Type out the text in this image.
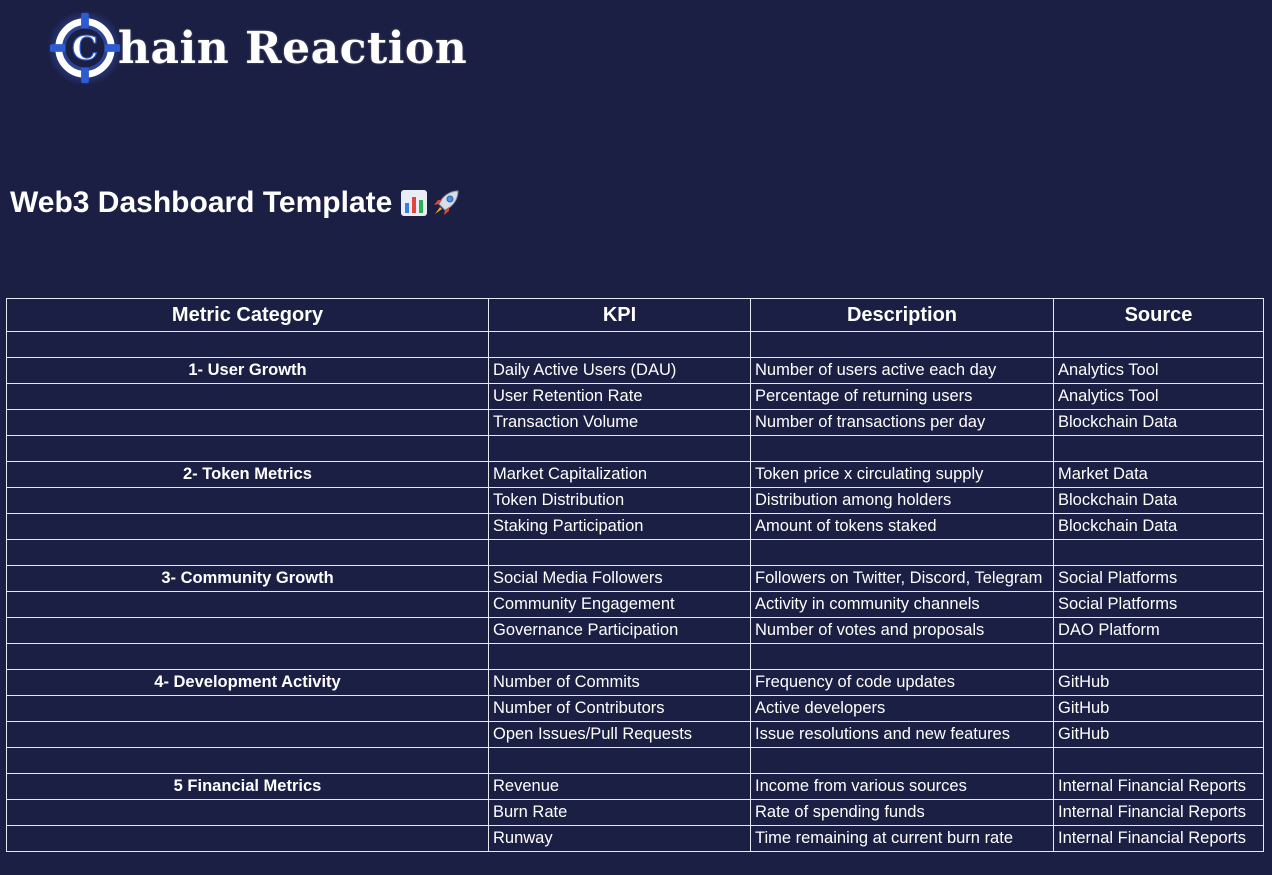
C hain Reaction
Web3 Dashboard Template
Metric Category	KPI	Description	Source

1- User Growth	Daily Active Users (DAU)	Number of users active each day	Analytics Tool
	User Retention Rate	Percentage of returning users	Analytics Tool
	Transaction Volume	Number of transactions per day	Blockchain Data

2- Token Metrics	Market Capitalization	Token price x circulating supply	Market Data
	Token Distribution	Distribution among holders	Blockchain Data
	Staking Participation	Amount of tokens staked	Blockchain Data

3- Community Growth	Social Media Followers	Followers on Twitter, Discord, Telegram	Social Platforms
	Community Engagement	Activity in community channels	Social Platforms
	Governance Participation	Number of votes and proposals	DAO Platform

4- Development Activity	Number of Commits	Frequency of code updates	GitHub
	Number of Contributors	Active developers	GitHub
	Open Issues/Pull Requests	Issue resolutions and new features	GitHub

5 Financial Metrics	Revenue	Income from various sources	Internal Financial Reports
	Burn Rate	Rate of spending funds	Internal Financial Reports
	Runway	Time remaining at current burn rate	Internal Financial Reports
